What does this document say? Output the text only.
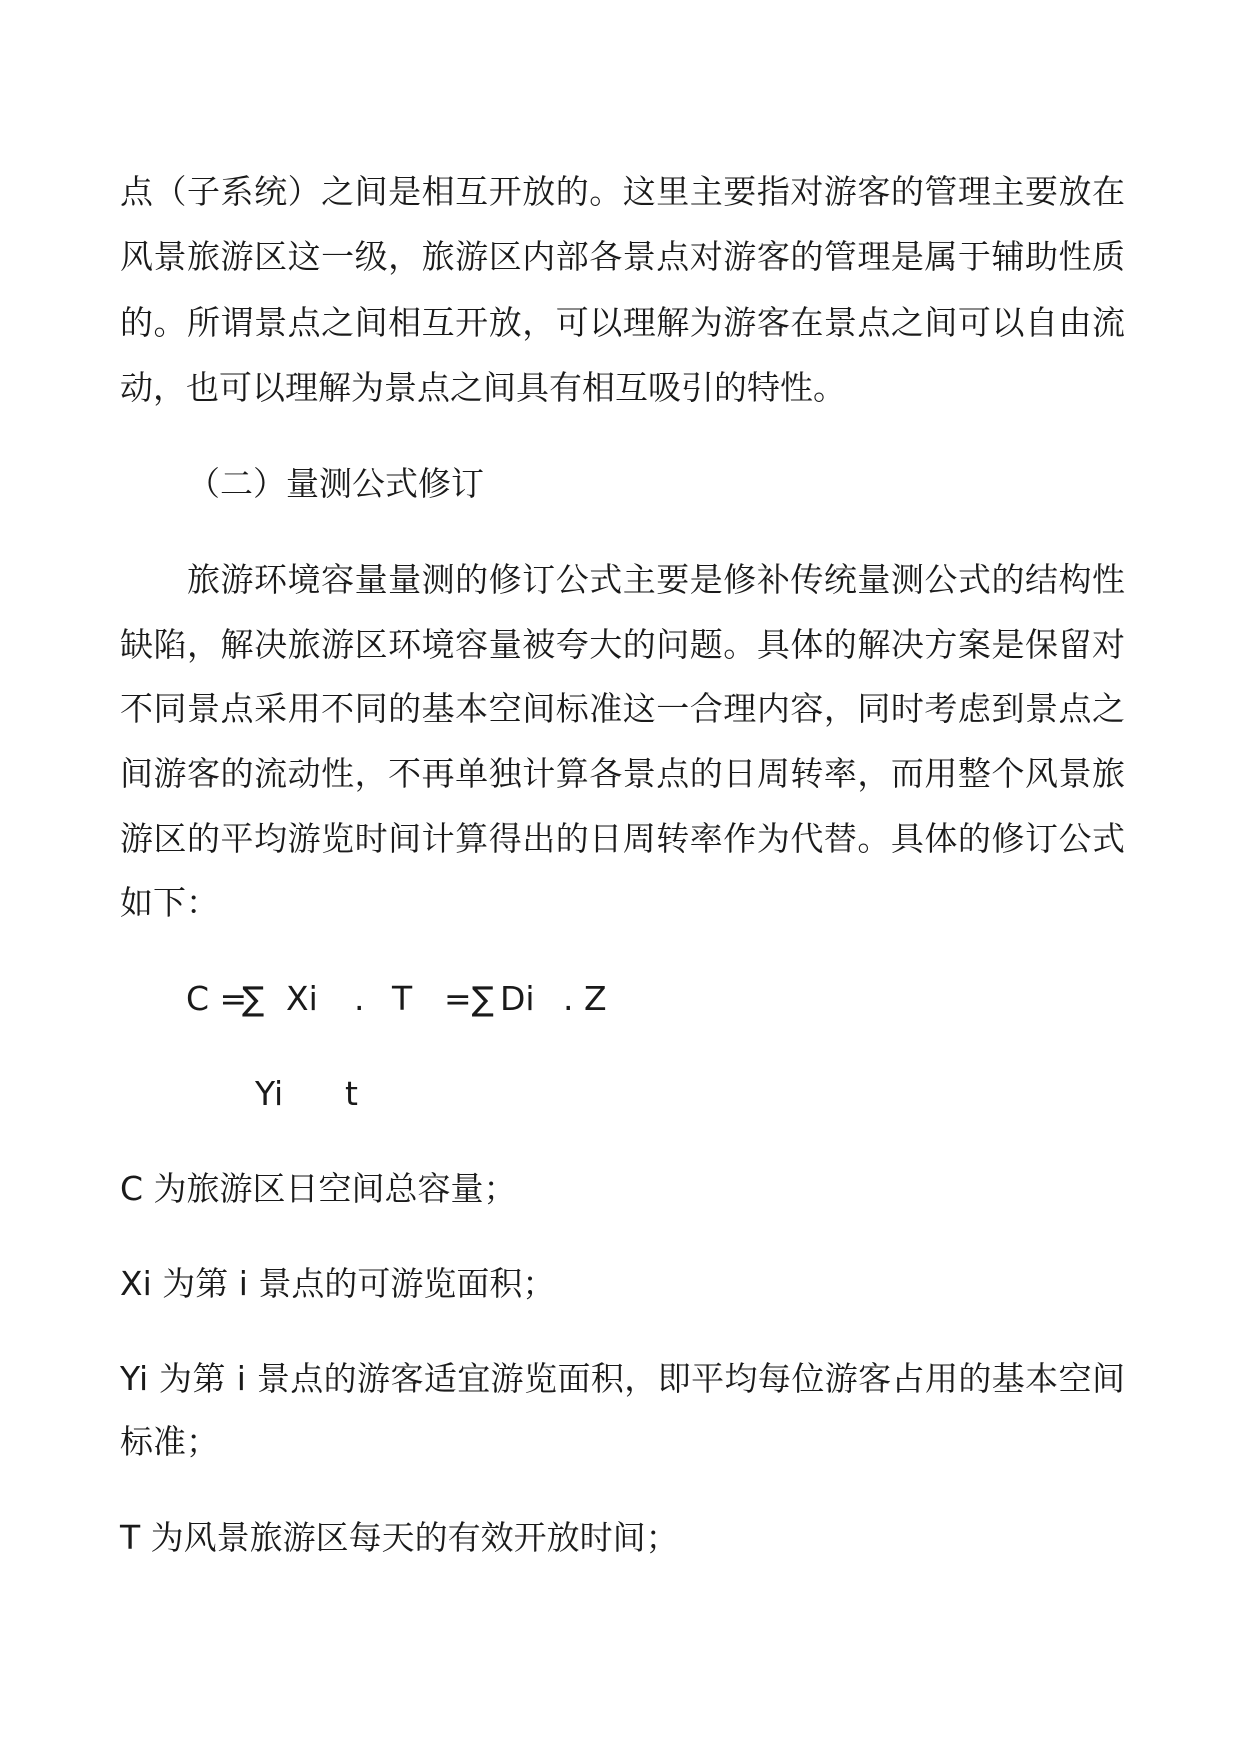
点（子系统）之间是相互开放的。这里主要指对游客的管理主要放在
风景旅游区这一级，旅游区内部各景点对游客的管理是属于辅助性质
的。所谓景点之间相互开放，可以理解为游客在景点之间可以自由流
动，也可以理解为景点之间具有相互吸引的特性。
（二）量测公式修订
旅游环境容量量测的修订公式主要是修补传统量测公式的结构性
缺陷，解决旅游区环境容量被夸大的问题。具体的解决方案是保留对
不同景点采用不同的基本空间标准这一合理内容，同时考虑到景点之
间游客的流动性，不再单独计算各景点的日周转率，而用整个风景旅
游区的平均游览时间计算得出的日周转率作为代替。具体的修订公式
如下：
C =
∑ Xi . T =∑ Di . Z
Yi t
C 为旅游区日空间总容量；
Xi 为第 i 景点的可游览面积；
Yi 为第 i 景点的游客适宜游览面积，即平均每位游客占用的基本空间
标准；
T 为风景旅游区每天的有效开放时间；
